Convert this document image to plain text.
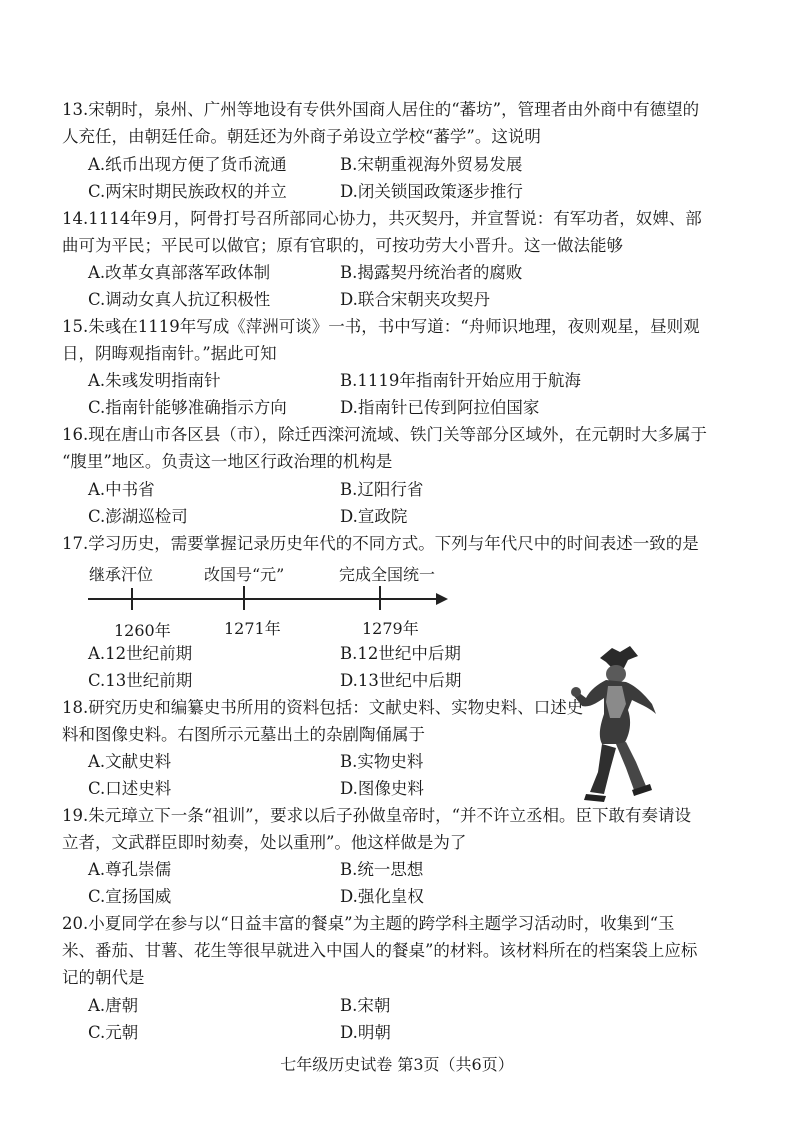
13.宋朝时，泉州、广州等地设有专供外国商人居住的“蕃坊”，管理者由外商中有德望的
人充任，由朝廷任命。朝廷还为外商子弟设立学校“蕃学”。这说明
A.纸币出现方便了货币流通	B.宋朝重视海外贸易发展
C.两宋时期民族政权的并立	D.闭关锁国政策逐步推行
14.1114年9月，阿骨打号召所部同心协力，共灭契丹，并宣誓说：有军功者，奴婢、部
曲可为平民；平民可以做官；原有官职的，可按功劳大小晋升。这一做法能够
A.改革女真部落军政体制	B.揭露契丹统治者的腐败
C.调动女真人抗辽积极性	D.联合宋朝夹攻契丹
15.朱彧在1119年写成《萍洲可谈》一书，书中写道：“舟师识地理，夜则观星，昼则观
日，阴晦观指南针。”据此可知
A.朱彧发明指南针	B.1119年指南针开始应用于航海
C.指南针能够准确指示方向	D.指南针已传到阿拉伯国家
16.现在唐山市各区县（市），除迁西滦河流域、铁门关等部分区域外，在元朝时大多属于
“腹里”地区。负责这一地区行政治理的机构是
A.中书省	B.辽阳行省
C.澎湖巡检司	D.宣政院
17.学习历史，需要掌握记录历史年代的不同方式。下列与年代尺中的时间表述一致的是
继承汗位	改国号“元”	完成全国统一
1260年	1271年	1279年
A.12世纪前期	B.12世纪中后期
C.13世纪前期	D.13世纪中后期
18.研究历史和编纂史书所用的资料包括：文献史料、实物史料、口述史
料和图像史料。右图所示元墓出土的杂剧陶俑属于
A.文献史料	B.实物史料
C.口述史料	D.图像史料
19.朱元璋立下一条“祖训”，要求以后子孙做皇帝时，“并不许立丞相。臣下敢有奏请设
立者，文武群臣即时劾奏，处以重刑”。他这样做是为了
A.尊孔崇儒	B.统一思想
C.宣扬国威	D.强化皇权
20.小夏同学在参与以“日益丰富的餐桌”为主题的跨学科主题学习活动时，收集到“玉
米、番茄、甘薯、花生等很早就进入中国人的餐桌”的材料。该材料所在的档案袋上应标
记的朝代是
A.唐朝	B.宋朝
C.元朝	D.明朝
七年级历史试卷 第3页（共6页）
